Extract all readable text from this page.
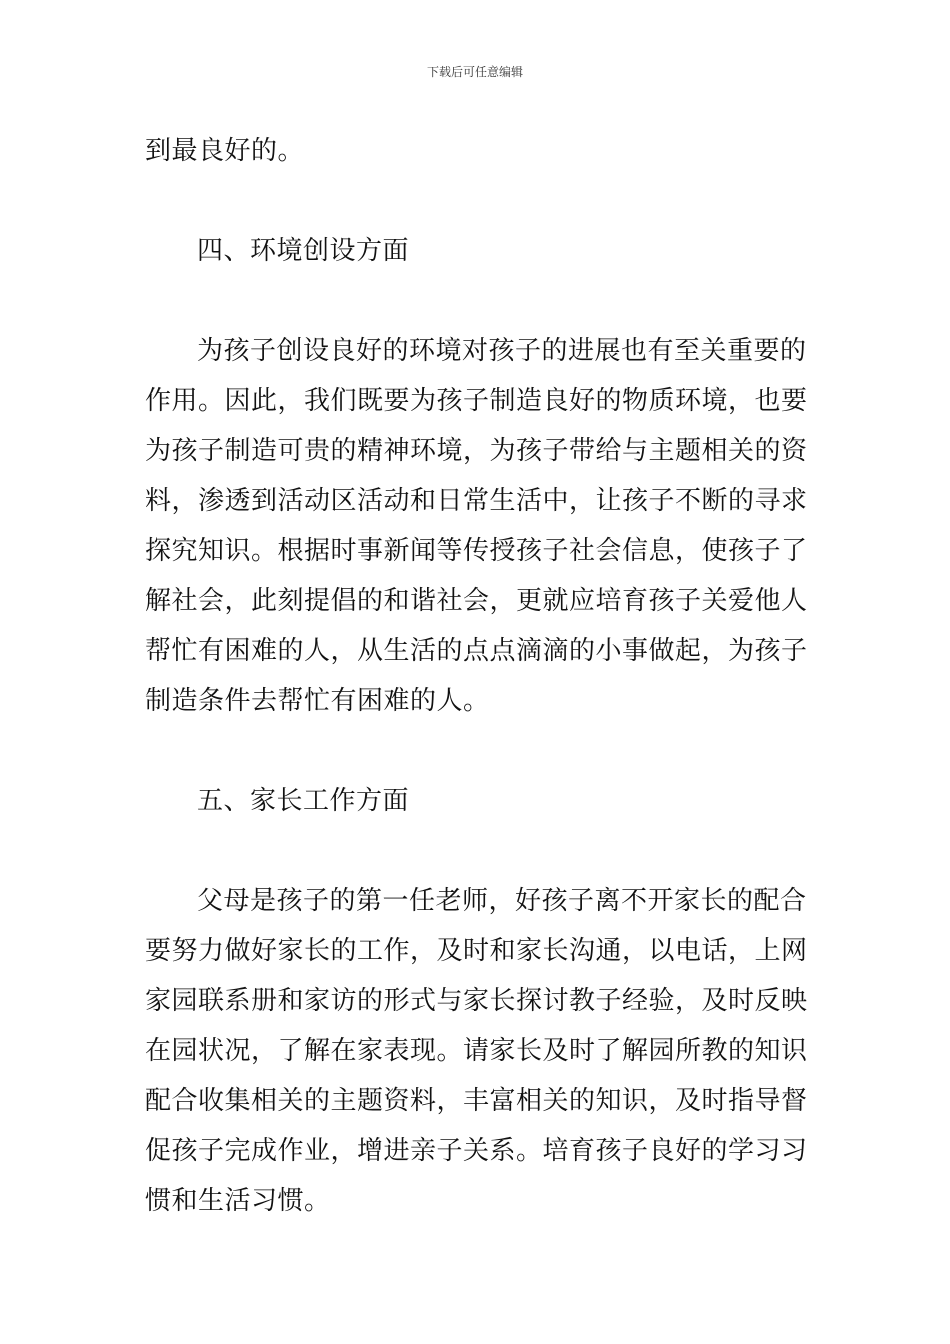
下载后可任意编辑
到最良好的。
四、环境创设方面
为孩子创设良好的环境对孩子的进展也有至关重要的
作用。因此，我们既要为孩子制造良好的物质环境，也要
为孩子制造可贵的精神环境，为孩子带给与主题相关的资
料，渗透到活动区活动和日常生活中，让孩子不断的寻求
探究知识。根据时事新闻等传授孩子社会信息，使孩子了
解社会，此刻提倡的和谐社会，更就应培育孩子关爱他人
帮忙有困难的人，从生活的点点滴滴的小事做起，为孩子
制造条件去帮忙有困难的人。
五、家长工作方面
父母是孩子的第一任老师，好孩子离不开家长的配合
要努力做好家长的工作，及时和家长沟通，以电话，上网
家园联系册和家访的形式与家长探讨教子经验，及时反映
在园状况，了解在家表现。请家长及时了解园所教的知识
配合收集相关的主题资料，丰富相关的知识，及时指导督
促孩子完成作业，增进亲子关系。培育孩子良好的学习习
惯和生活习惯。
